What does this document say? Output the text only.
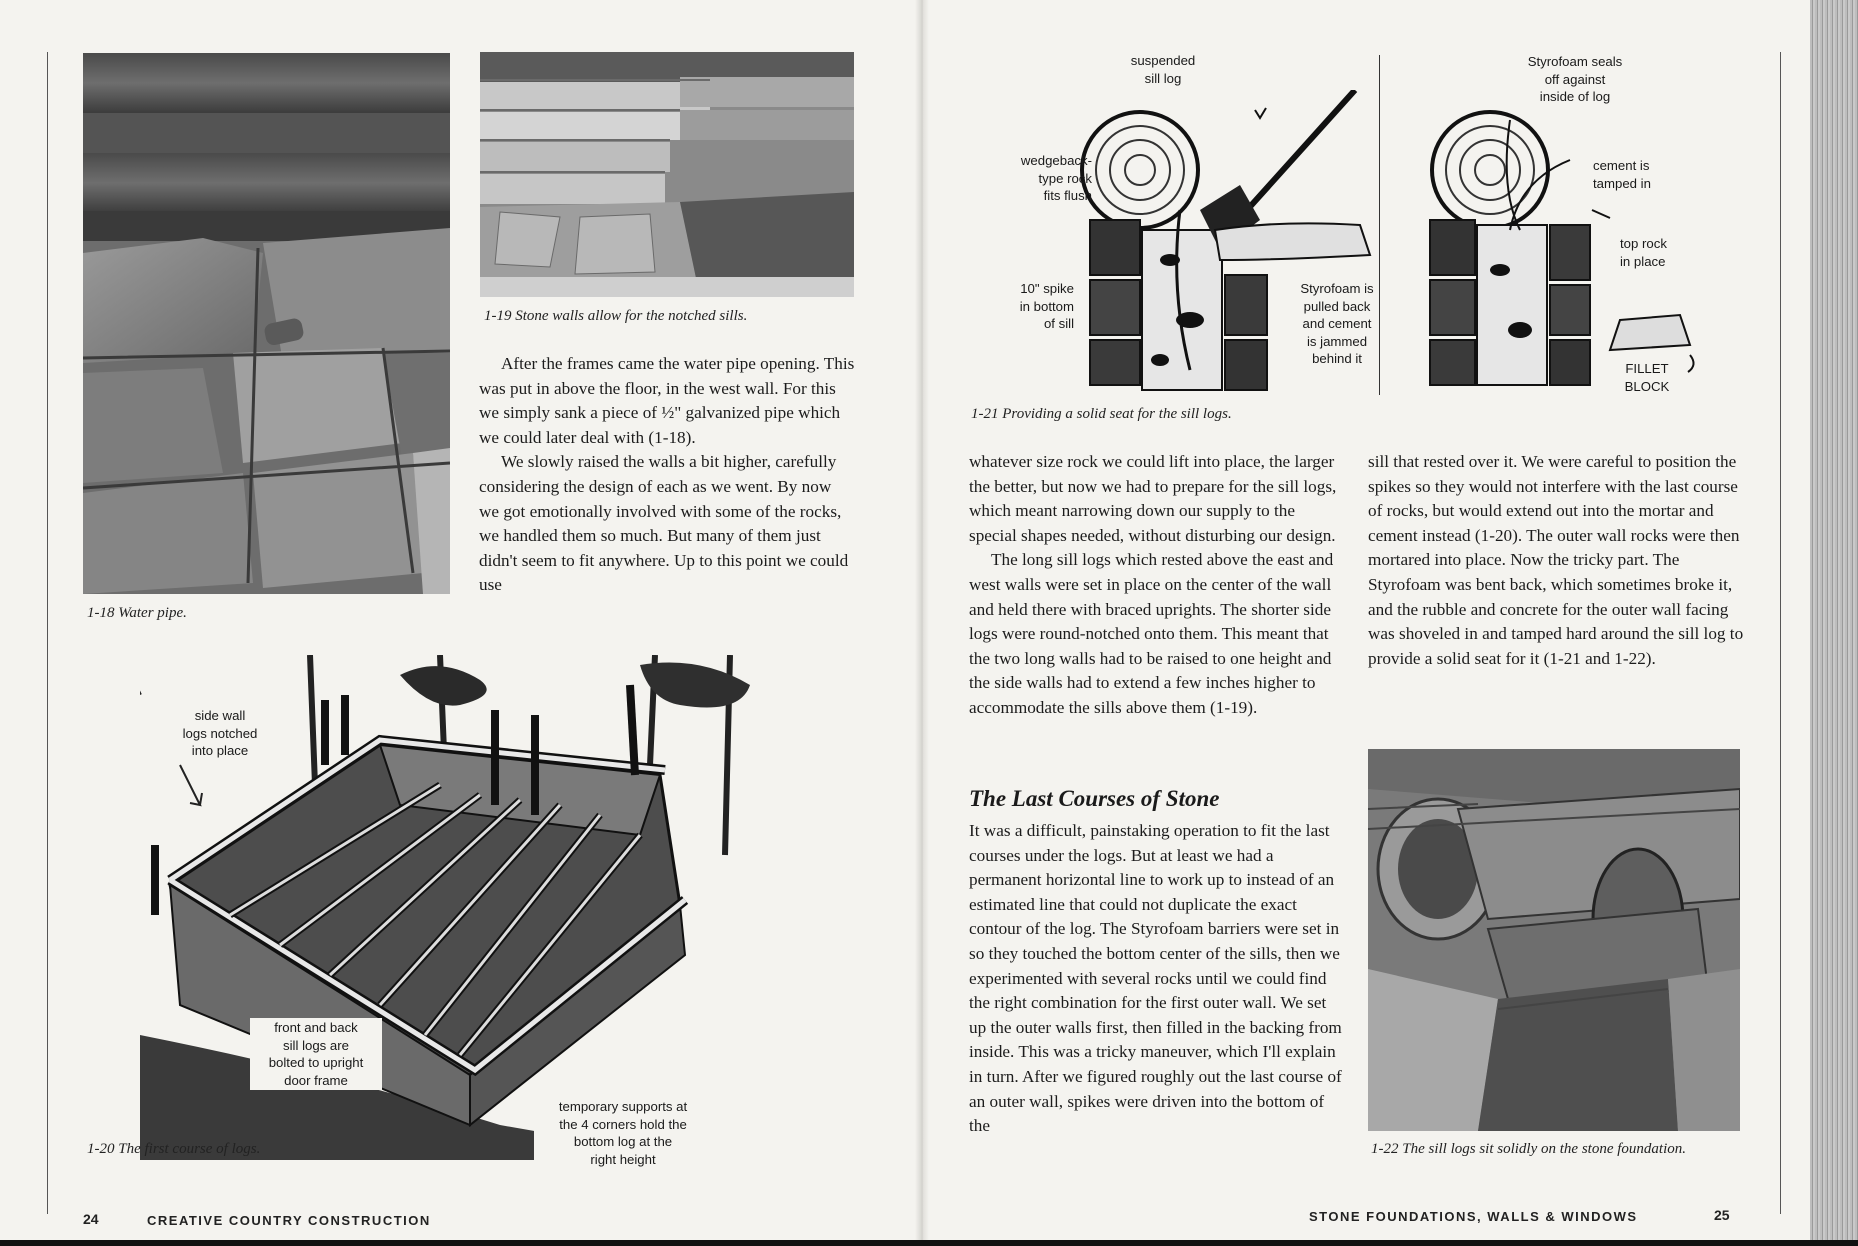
1-18 Water pipe.
1-19 Stone walls allow for the notched sills.

After the frames came the water pipe opening. This was put in above the floor, in the west wall. For this we simply sank a piece of ½" galvanized pipe which we could later deal with (1-18).

We slowly raised the walls a bit higher, carefully considering the design of each as we went. By now we got emotionally involved with some of the rocks, we handled them so much. But many of them just didn't seem to fit anywhere. Up to this point we could use

side wall
logs notched
into place
front and back
sill logs are
bolted to upright
door frame
temporary supports at
the 4 corners hold the
bottom log at the
right height
1-20 The first course of logs.
24	CREATIVE COUNTRY CONSTRUCTION
suspended
sill log
wedgeback-
type rock
fits flush
10" spike
in bottom
of sill
Styrofoam is
pulled back
and cement
is jammed
behind it
Styrofoam seals
off against
inside of log
cement is
tamped in
top rock
in place
FILLET
BLOCK
1-21 Providing a solid seat for the sill logs.

whatever size rock we could lift into place, the larger the better, but now we had to prepare for the sill logs, which meant narrowing down our supply to the special shapes needed, without disturbing our design.

The long sill logs which rested above the east and west walls were set in place on the center of the wall and held there with braced uprights. The shorter side logs were round-notched onto them. This meant that the two long walls had to be raised to one height and the side walls had to extend a few inches higher to accommodate the sills above them (1-19).

The Last Courses of Stone

It was a difficult, painstaking operation to fit the last courses under the logs. But at least we had a permanent horizontal line to work up to instead of an estimated line that could not duplicate the exact contour of the log. The Styrofoam barriers were set in so they touched the bottom center of the sills, then we experimented with several rocks until we could find the right combination for the first outer wall. We set up the outer walls first, then filled in the backing from inside. This was a tricky maneuver, which I'll explain in turn. After we figured roughly out the last course of an outer wall, spikes were driven into the bottom of the

sill that rested over it. We were careful to position the spikes so they would not interfere with the last course of rocks, but would extend out into the mortar and cement instead (1-20). The outer wall rocks were then mortared into place. Now the tricky part. The Styrofoam was bent back, which sometimes broke it, and the rubble and concrete for the outer wall facing was shoveled in and tamped hard around the sill log to provide a solid seat for it (1-21 and 1-22).

1-22 The sill logs sit solidly on the stone foundation.
STONE FOUNDATIONS, WALLS & WINDOWS	25
